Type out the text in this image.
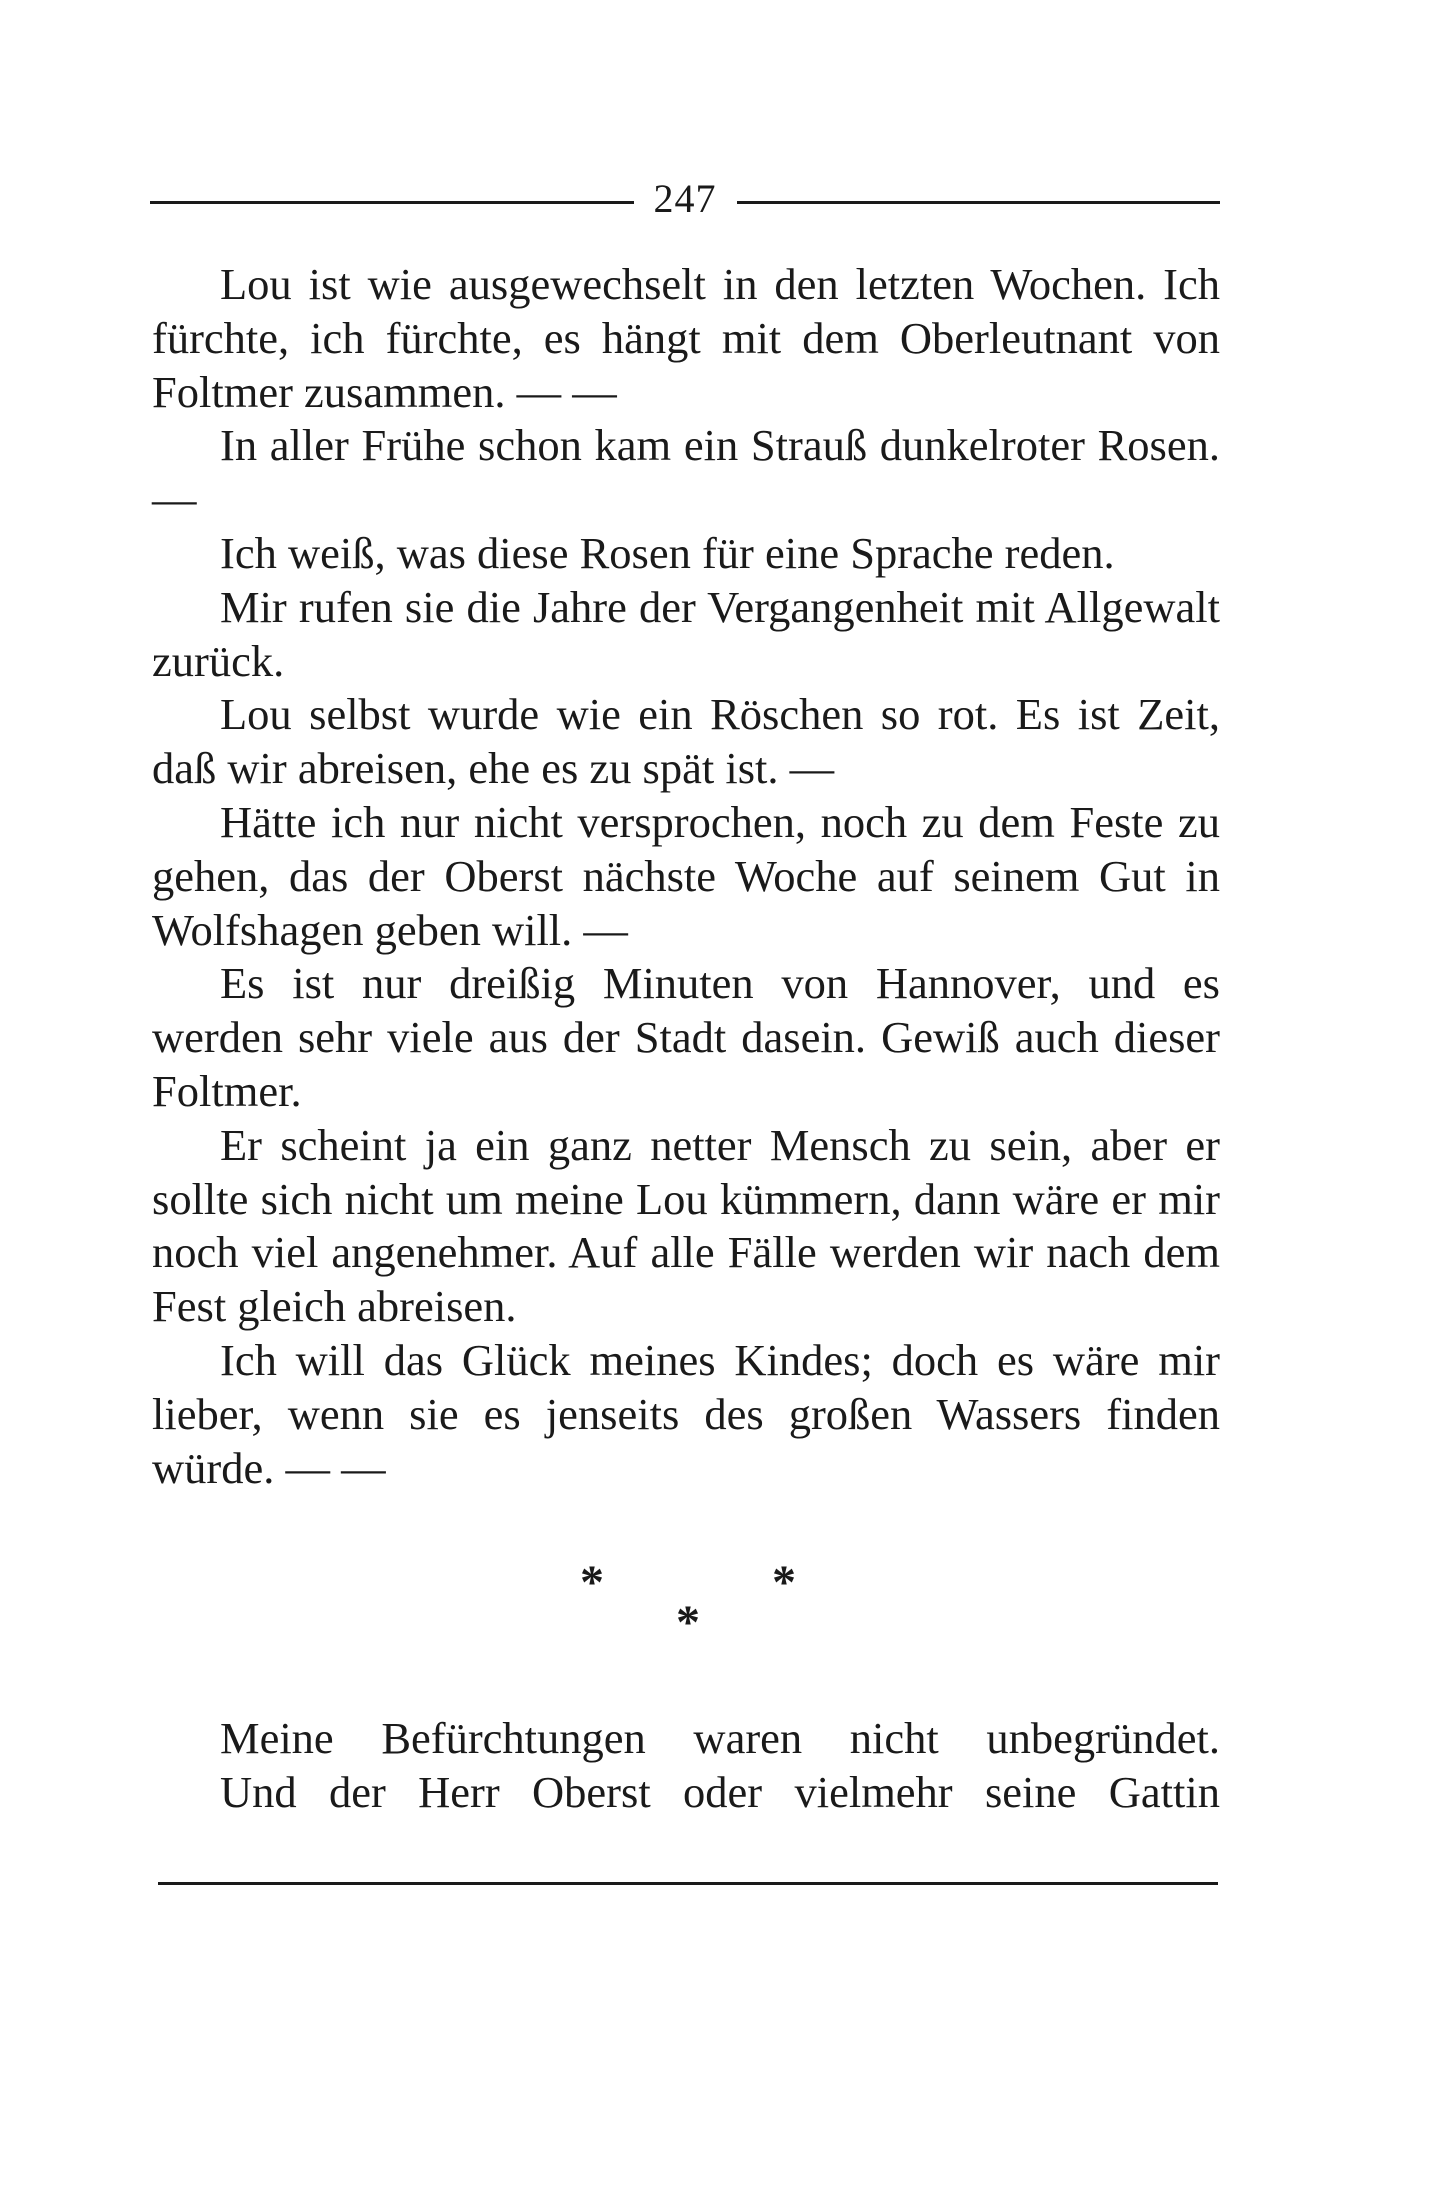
247

Lou ist wie ausgewechselt in den letzten Wochen. Ich fürchte, ich fürchte, es hängt mit dem Oberleutnant von Foltmer zusammen. — —

In aller Frühe schon kam ein Strauß dunkelroter Rosen. —

Ich weiß, was diese Rosen für eine Sprache reden.

Mir rufen sie die Jahre der Vergangenheit mit Allgewalt zurück.

Lou selbst wurde wie ein Röschen so rot. Es ist Zeit, daß wir abreisen, ehe es zu spät ist. —

Hätte ich nur nicht versprochen, noch zu dem Feste zu gehen, das der Oberst nächste Woche auf seinem Gut in Wolfshagen geben will. —

Es ist nur dreißig Minuten von Hannover, und es werden sehr viele aus der Stadt dasein. Gewiß auch dieser Foltmer.

Er scheint ja ein ganz netter Mensch zu sein, aber er sollte sich nicht um meine Lou kümmern, dann wäre er mir noch viel angenehmer. Auf alle Fälle werden wir nach dem Fest gleich abreisen.

Ich will das Glück meines Kindes; doch es wäre mir lieber, wenn sie es jenseits des großen Wassers finden würde. — —

*	*
*

Meine Befürchtungen waren nicht unbegründet.

Und der Herr Oberst oder vielmehr seine Gattin
